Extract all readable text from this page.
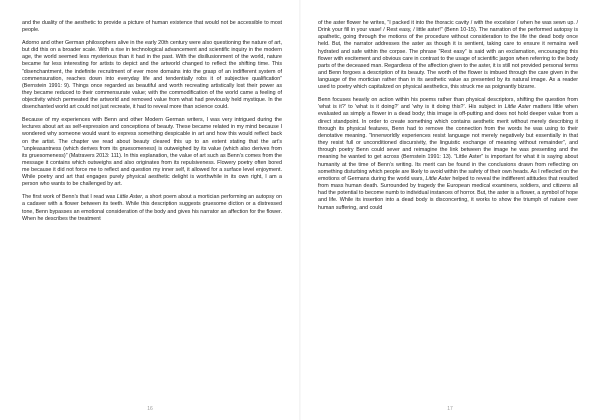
and the duality of the aesthetic to provide a picture of human existence that would not be accessible to most people.

Adorno and other German philosophers alive in the early 20th century were also questioning the nature of art, but did this on a broader scale. With a rise in technological advancement and scientific inquiry in the modern age, the world seemed less mysterious than it had in the past. With the disillusionment of the world, nature became far less interesting for artists to depict and the artworld changed to reflect the shifting time. This “disenchantment, the indefinite recruitment of ever more domains into the grasp of an indifferent system of commensuration, reaches down into everyday life and tendentially robs it of subjective qualification” (Bernstein 1991: 9). Things once regarded as beautiful and worth recreating artistically lost their power as they became reduced to their commensurate value; with the commodification of the world came a feeling of objectivity which permeated the artworld and removed value from what had previously held mystique. In the disenchanted world art could not just recreate, it had to reveal more than science could.

Because of my experiences with Benn and other Modern German writers, I was very intrigued during the lectures about art as self-expression and conceptions of beauty. These became related in my mind because I wondered why someone would want to express something despicable in art and how this would reflect back on the artist. The chapter we read about beauty cleared this up to an extent stating that the art’s “unpleasantness (which derives from its gruesomeness) is outweighed by its value (which also derives from its gruesomeness)” (Matravers 2013: 111). In this explanation, the value of art such as Benn’s comes from the message it contains which outweighs and also originates from its repulsiveness. Flowery poetry often bored me because it did not force me to reflect and question my inner self, it allowed for a surface level enjoyment. While poetry and art that engages purely physical aesthetic delight is worthwhile in its own right, I am a person who wants to be challenged by art.

The first work of Benn’s that I read was Little Aster, a short poem about a mortician performing an autopsy on a cadaver with a flower between its teeth. While this description suggests gruesome diction or a distressed tone, Benn bypasses an emotional consideration of the body and gives his narrator an affection for the flower. When he describes the treatment

16

of the aster flower he writes, “I packed it into the thoracic cavity / with the excelsior / when he was sewn up. / Drink your fill in your vase! / Rest easy, / little aster!” (Benn 10-15). The narration of the performed autopsy is apathetic, going through the motions of the procedure without consideration to the life the dead body once held. But, the narrator addresses the aster as though it is sentient, taking care to ensure it remains well hydrated and safe within the corpse. The phrase “Rest easy” is said with an exclamation, encouraging this flower with excitement and obvious care in contrast to the usage of scientific jargon when referring to the body parts of the deceased man. Regardless of the affection given to the aster, it is still not provided personal terms and Benn forgoes a description of its beauty. The worth of the flower is imbued through the care given in the language of the mortician rather than in its aesthetic value as presented by its natural image. As a reader used to poetry which capitalized on physical aesthetics, this struck me as poignantly bizarre.

Benn focuses heavily on action within his poems rather than physical descriptors, shifting the question from ‘what is it?’ to ‘what is it doing?’ and ‘why is it doing this?’. His subject in Little Aster matters little when evaluated as simply a flower in a dead body; this image is off-putting and does not hold deeper value from a direct standpoint. In order to create something which contains aesthetic merit without merely describing it through its physical features, Benn had to remove the connection from the words he was using to their denotative meaning. “Innerworldly experiences resist language not merely negatively but essentially in that they resist full or unconditioned discursivity, the linguistic exchange of meaning without remainder”, and through poetry Benn could sever and reimagine the link between the image he was presenting and the meaning he wanted to get across (Bernstein 1991: 13). “Little Aster” is important for what it is saying about humanity at the time of Benn’s writing. Its merit can be found in the conclusions drawn from reflecting on something disturbing which people are likely to avoid within the safety of their own heads. As I reflected on the emotions of Germans during the world wars, Little Aster helped to reveal the indifferent attitudes that resulted from mass human death. Surrounded by tragedy the European medical examiners, soldiers, and citizens all had the potential to become numb to individual instances of horror. But, the aster is a flower, a symbol of hope and life. While its insertion into a dead body is disconcerting, it works to show the triumph of nature over human suffering, and could

17
